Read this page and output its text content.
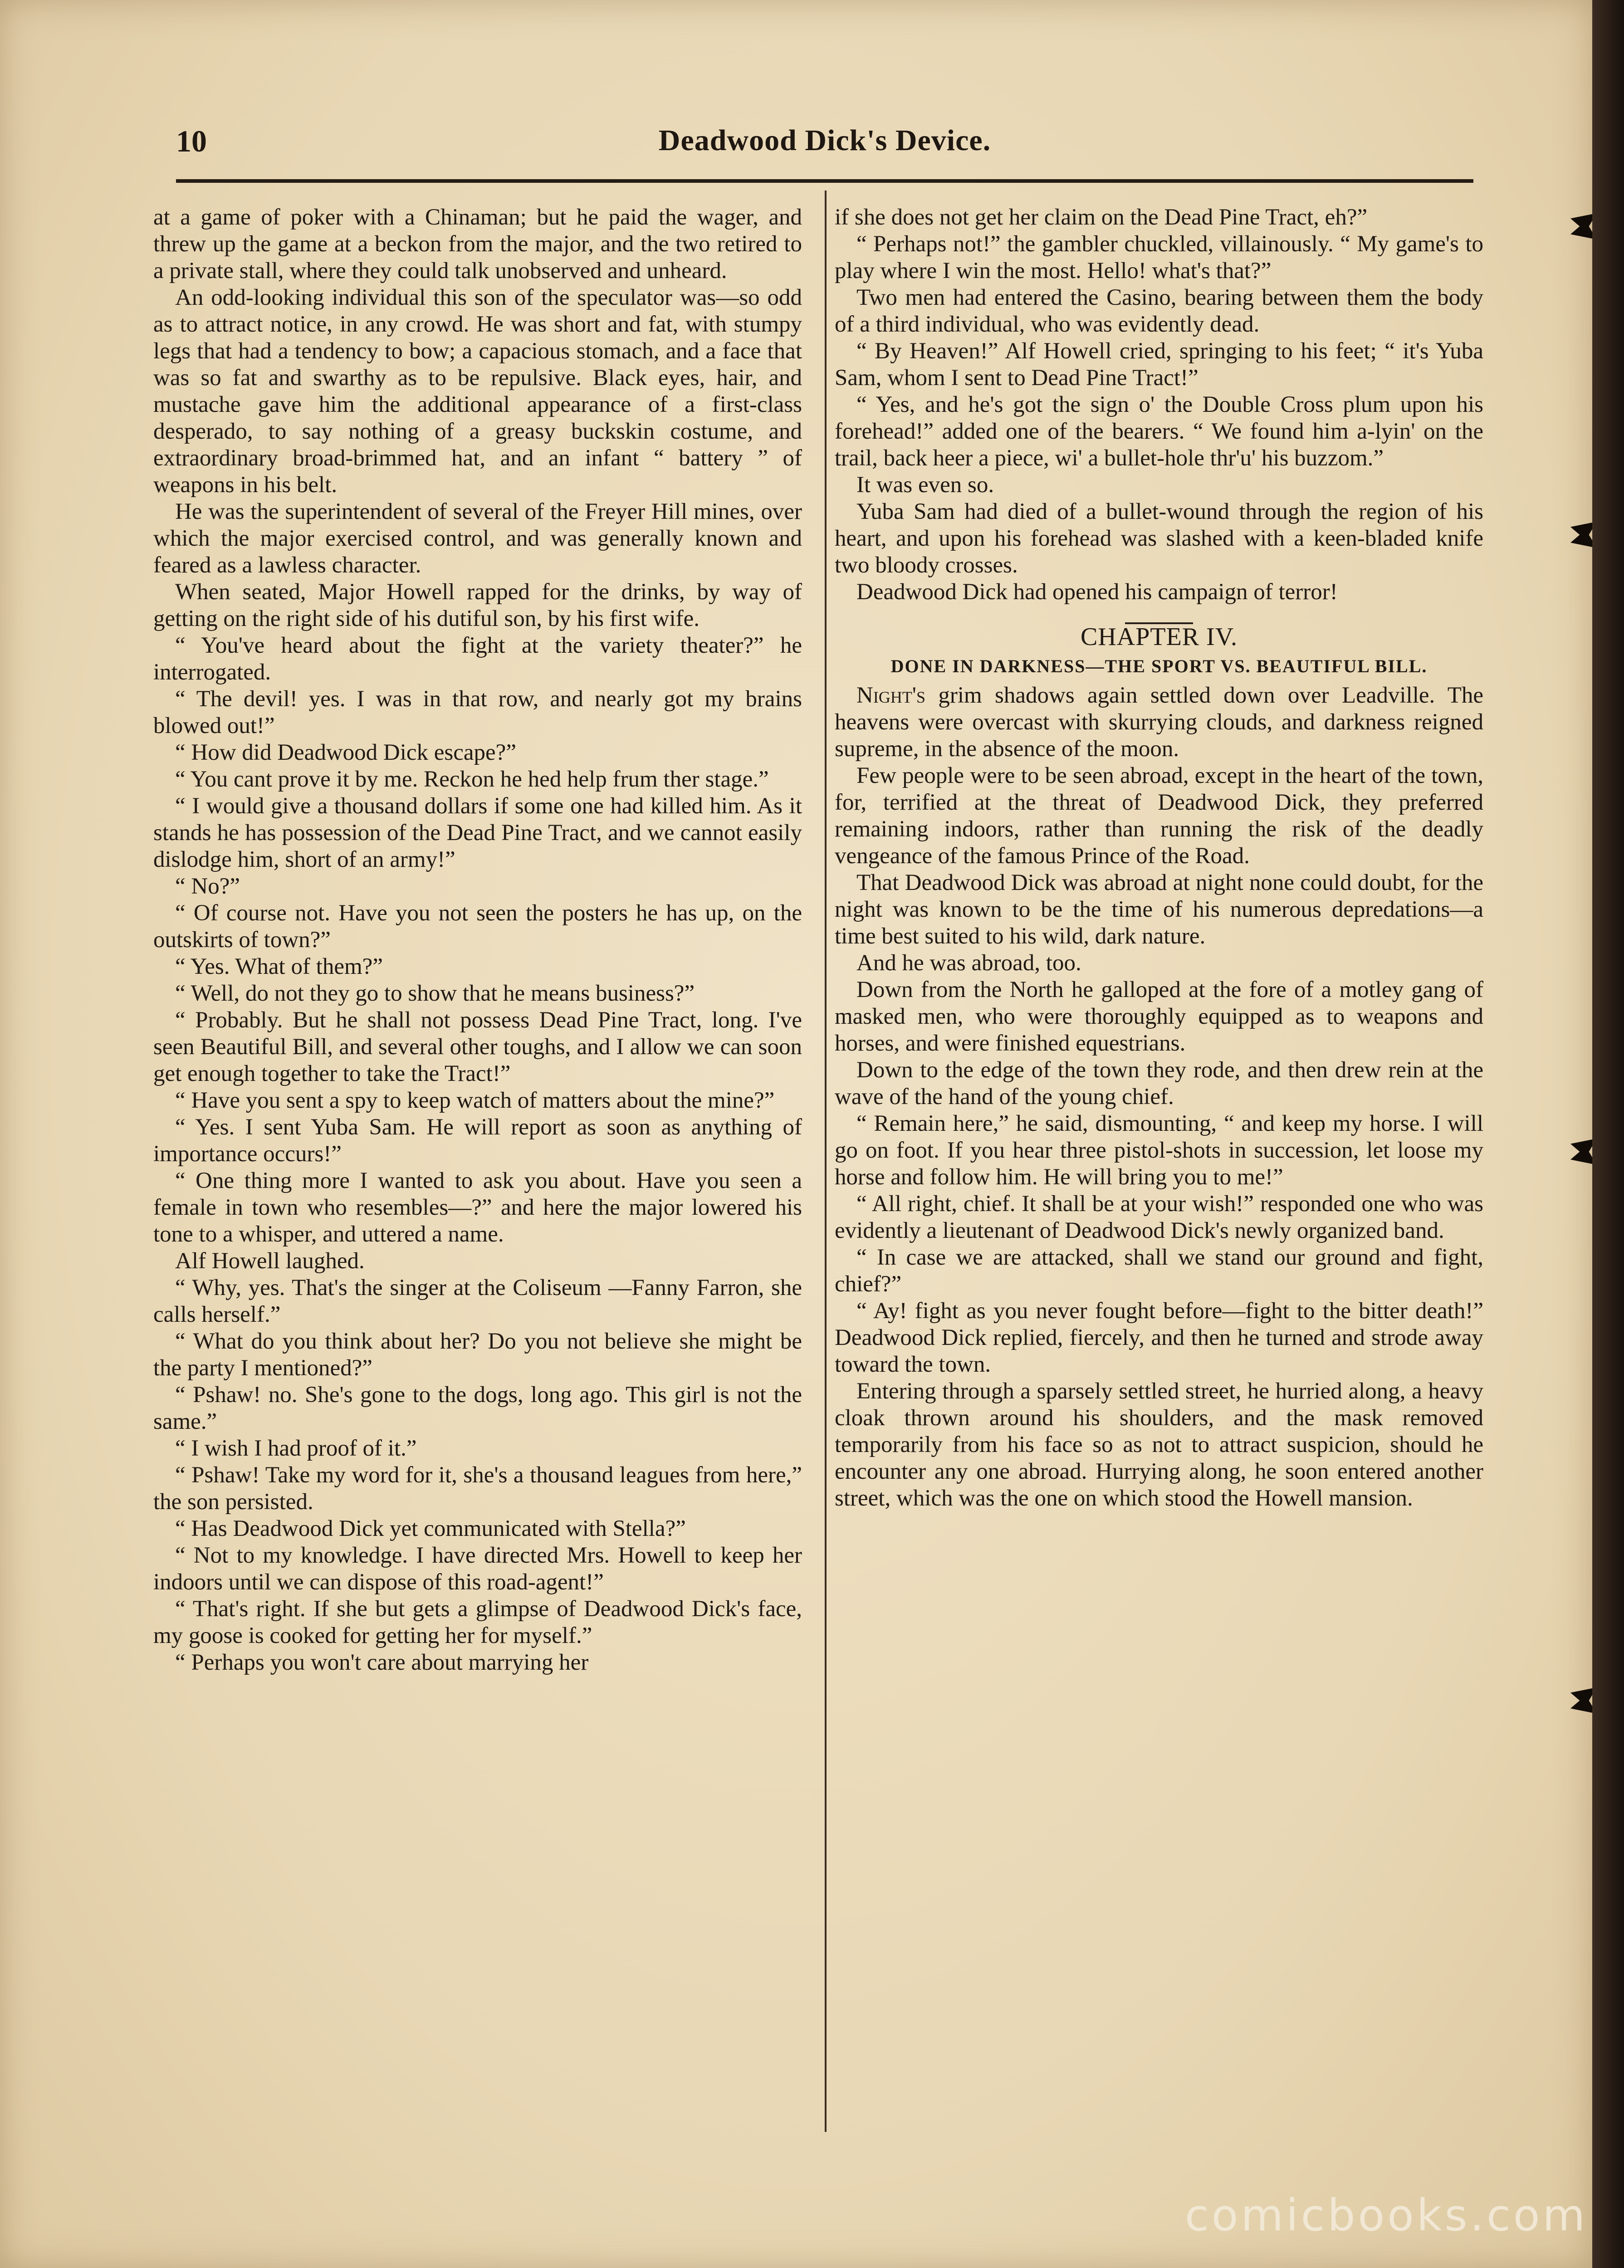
10	Deadwood Dick's Device.

at a game of poker with a Chinaman; but he paid the wager, and threw up the game at a beckon from the major, and the two retired to a private stall, where they could talk unobserved and unheard.

An odd-looking individual this son of the speculator was—so odd as to attract notice, in any crowd. He was short and fat, with stumpy legs that had a tendency to bow; a capacious stomach, and a face that was so fat and swarthy as to be repulsive. Black eyes, hair, and mustache gave him the additional appearance of a first-class desperado, to say nothing of a greasy buckskin costume, and extraordinary broad-brimmed hat, and an infant “ battery ” of weapons in his belt.

He was the superintendent of several of the Freyer Hill mines, over which the major exercised control, and was generally known and feared as a lawless character.

When seated, Major Howell rapped for the drinks, by way of getting on the right side of his dutiful son, by his first wife.

“ You've heard about the fight at the variety theater?” he interrogated.

“ The devil! yes. I was in that row, and nearly got my brains blowed out!”

“ How did Deadwood Dick escape?”

“ You cant prove it by me. Reckon he hed help frum ther stage.”

“ I would give a thousand dollars if some one had killed him. As it stands he has possession of the Dead Pine Tract, and we cannot easily dislodge him, short of an army!”

“ No?”

“ Of course not. Have you not seen the posters he has up, on the outskirts of town?”

“ Yes. What of them?”

“ Well, do not they go to show that he means business?”

“ Probably. But he shall not possess Dead Pine Tract, long. I've seen Beautiful Bill, and several other toughs, and I allow we can soon get enough together to take the Tract!”

“ Have you sent a spy to keep watch of matters about the mine?”

“ Yes. I sent Yuba Sam. He will report as soon as anything of importance occurs!”

“ One thing more I wanted to ask you about. Have you seen a female in town who resembles—?” and here the major lowered his tone to a whisper, and uttered a name.

Alf Howell laughed.

“ Why, yes. That's the singer at the Coliseum —Fanny Farron, she calls herself.”

“ What do you think about her? Do you not believe she might be the party I mentioned?”

“ Pshaw! no. She's gone to the dogs, long ago. This girl is not the same.”

“ I wish I had proof of it.”

“ Pshaw! Take my word for it, she's a thousand leagues from here,” the son persisted.

“ Has Deadwood Dick yet communicated with Stella?”

“ Not to my knowledge. I have directed Mrs. Howell to keep her indoors until we can dispose of this road-agent!”

“ That's right. If she but gets a glimpse of Deadwood Dick's face, my goose is cooked for getting her for myself.”

“ Perhaps you won't care about marrying her

if she does not get her claim on the Dead Pine Tract, eh?”

“ Perhaps not!” the gambler chuckled, villainously. “ My game's to play where I win the most. Hello! what's that?”

Two men had entered the Casino, bearing between them the body of a third individual, who was evidently dead.

“ By Heaven!” Alf Howell cried, springing to his feet; “ it's Yuba Sam, whom I sent to Dead Pine Tract!”

“ Yes, and he's got the sign o' the Double Cross plum upon his forehead!” added one of the bearers. “ We found him a-lyin' on the trail, back heer a piece, wi' a bullet-hole thr'u' his buzzom.”

It was even so.

Yuba Sam had died of a bullet-wound through the region of his heart, and upon his forehead was slashed with a keen-bladed knife two bloody crosses.

Deadwood Dick had opened his campaign of terror!

CHAPTER IV.
DONE IN DARKNESS—THE SPORT VS. BEAUTIFUL BILL.

Night's grim shadows again settled down over Leadville. The heavens were overcast with skurrying clouds, and darkness reigned supreme, in the absence of the moon.

Few people were to be seen abroad, except in the heart of the town, for, terrified at the threat of Deadwood Dick, they preferred remaining indoors, rather than running the risk of the deadly vengeance of the famous Prince of the Road.

That Deadwood Dick was abroad at night none could doubt, for the night was known to be the time of his numerous depredations—a time best suited to his wild, dark nature.

And he was abroad, too.

Down from the North he galloped at the fore of a motley gang of masked men, who were thoroughly equipped as to weapons and horses, and were finished equestrians.

Down to the edge of the town they rode, and then drew rein at the wave of the hand of the young chief.

“ Remain here,” he said, dismounting, “ and keep my horse. I will go on foot. If you hear three pistol-shots in succession, let loose my horse and follow him. He will bring you to me!”

“ All right, chief. It shall be at your wish!” responded one who was evidently a lieutenant of Deadwood Dick's newly organized band.

“ In case we are attacked, shall we stand our ground and fight, chief?”

“ Ay! fight as you never fought before—fight to the bitter death!” Deadwood Dick replied, fiercely, and then he turned and strode away toward the town.

Entering through a sparsely settled street, he hurried along, a heavy cloak thrown around his shoulders, and the mask removed temporarily from his face so as not to attract suspicion, should he encounter any one abroad. Hurrying along, he soon entered another street, which was the one on which stood the Howell mansion.

comicbooks.com
